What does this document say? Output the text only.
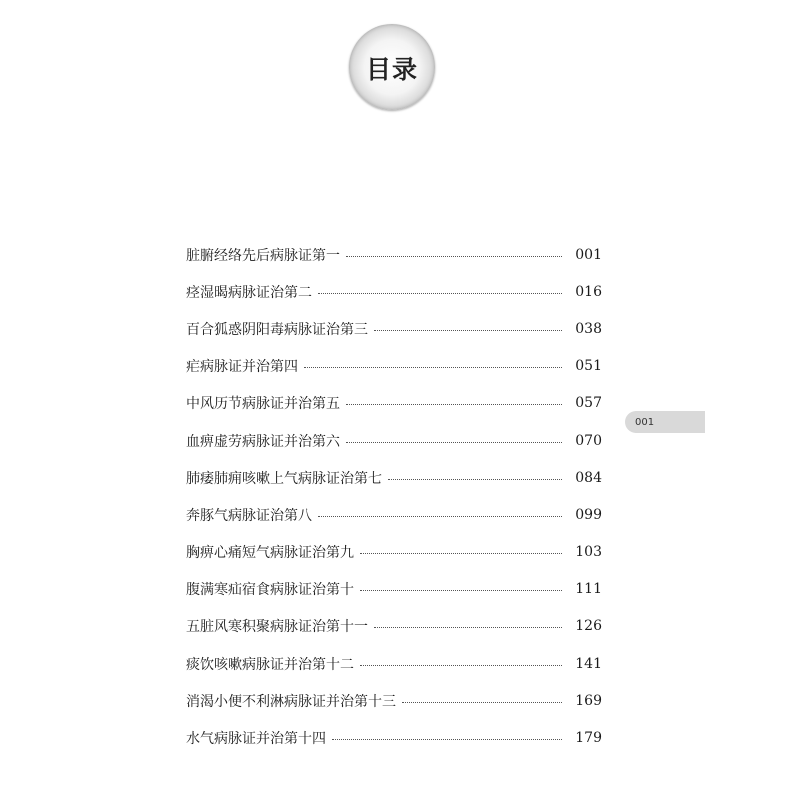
目录
脏腑经络先后病脉证第一	001
痉湿暍病脉证治第二	016
百合狐惑阴阳毒病脉证治第三	038
疟病脉证并治第四	051
中风历节病脉证并治第五	057
血痹虚劳病脉证并治第六	070
肺痿肺痈咳嗽上气病脉证治第七	084
奔豚气病脉证治第八	099
胸痹心痛短气病脉证治第九	103
腹满寒疝宿食病脉证治第十	111
五脏风寒积聚病脉证治第十一	126
痰饮咳嗽病脉证并治第十二	141
消渴小便不利淋病脉证并治第十三	169
水气病脉证并治第十四	179
001
